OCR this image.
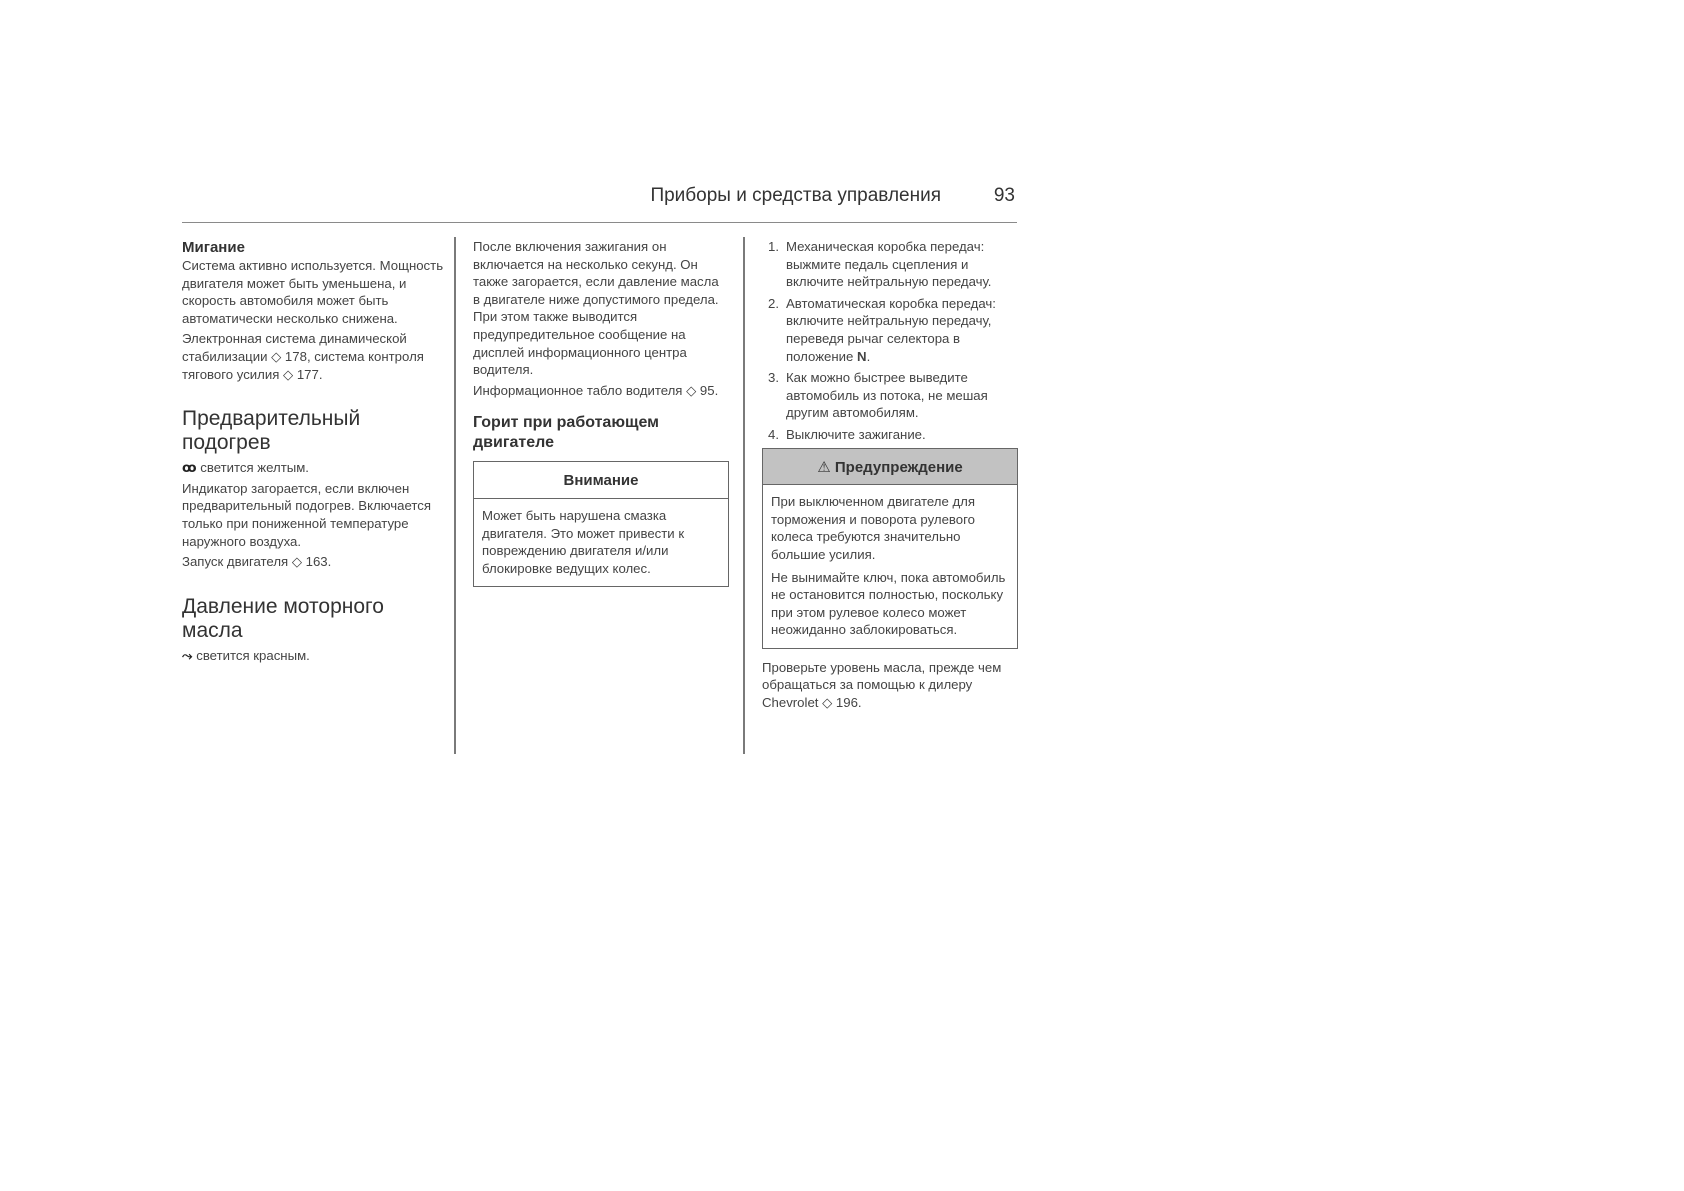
Приборы и средства управления	93
Мигание

Система активно используется. Мощность двигателя может быть уменьшена, и скорость автомобиля может быть автоматически несколько снижена.

Электронная система динамической стабилизации ◇ 178, система контроля тягового усилия ◇ 177.

Предварительный подогрев

ꝏ светится желтым.

Индикатор загорается, если включен предварительный подогрев. Включается только при пониженной температуре наружного воздуха.

Запуск двигателя ◇ 163.

Давление моторного масла

⤳ светится красным.

После включения зажигания он включается на несколько секунд. Он также загорается, если давление масла в двигателе ниже допустимого предела. При этом также выводится предупредительное сообщение на дисплей информационного центра водителя.

Информационное табло водителя ◇ 95.

Горит при работающем двигателе
Внимание

Может быть нарушена смазка двигателя. Это может привести к повреждению двигателя и/или блокировке ведущих колес.

1. Механическая коробка передач: выжмите педаль сцепления и включите нейтральную передачу.
2. Автоматическая коробка передач: включите нейтральную передачу, переведя рычаг селектора в положение N.
3. Как можно быстрее выведите автомобиль из потока, не мешая другим автомобилям.
4. Выключите зажигание.
⚠ Предупреждение

При выключенном двигателе для торможения и поворота рулевого колеса требуются значительно большие усилия.

Не вынимайте ключ, пока автомобиль не остановится полностью, поскольку при этом рулевое колесо может неожиданно заблокироваться.

Проверьте уровень масла, прежде чем обращаться за помощью к дилеру Chevrolet ◇ 196.
